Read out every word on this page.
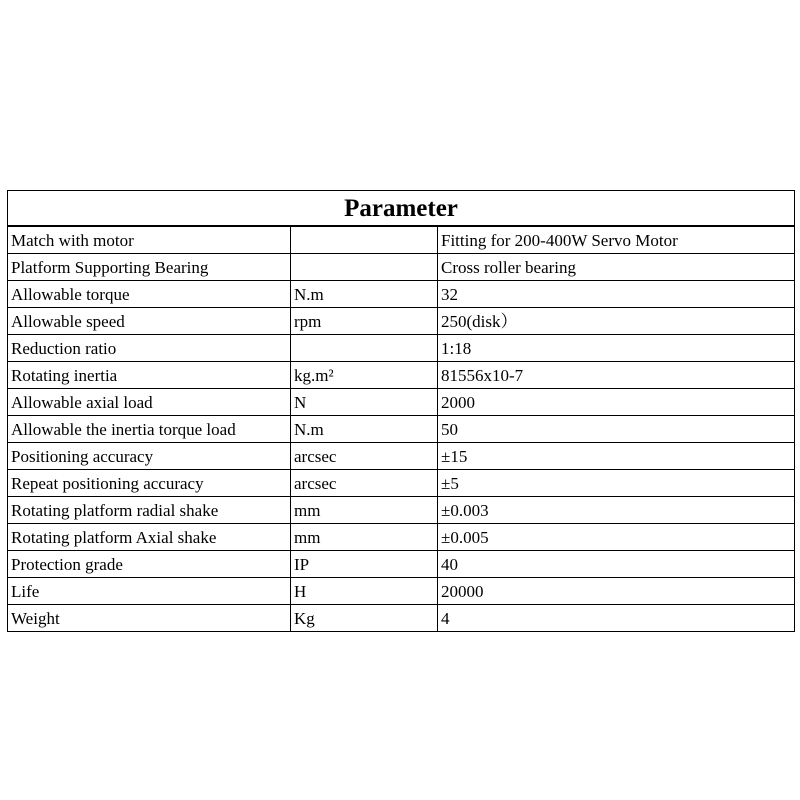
Parameter		
Match with motor		Fitting for 200-400W Servo Motor
Platform Supporting Bearing		Cross roller bearing
Allowable torque	N.m	32
Allowable speed	rpm	250(disk）
Reduction ratio		1:18
Rotating inertia	kg.m²	81556x10-7
Allowable axial load	N	2000
Allowable the inertia torque load	N.m	50
Positioning accuracy	arcsec	±15
Repeat positioning accuracy	arcsec	±5
Rotating platform radial shake	mm	±0.003
Rotating platform Axial shake	mm	±0.005
Protection grade	IP	40
Life	H	20000
Weight	Kg	4
